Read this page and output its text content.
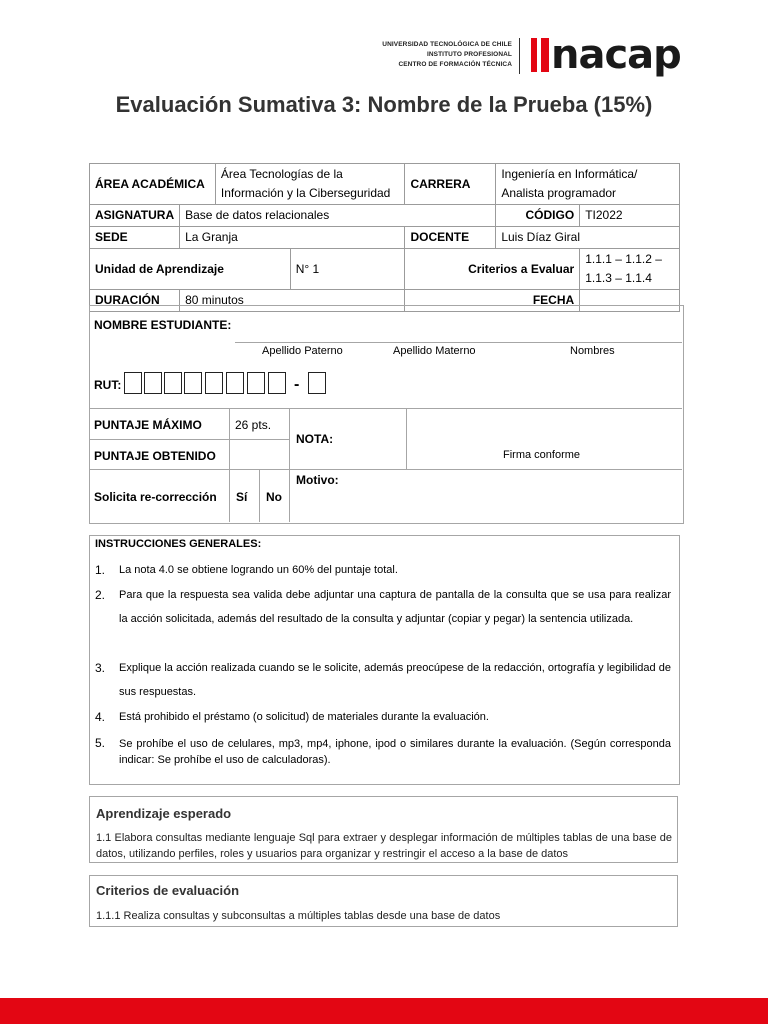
UNIVERSIDAD TECNOLÓGICA DE CHILE
INSTITUTO PROFESIONAL
CENTRO DE FORMACIÓN TÉCNICA nacap
Evaluación Sumativa 3: Nombre de la Prueba (15%)
ÁREA ACADÉMICA		Área Tecnologías de la Información y la Ciberseguridad		CARRERA	Ingeniería en Informática/ Analista programador	
ASIGNATURA	Base de datos relacionales				CÓDIGO	TI2022
SEDE	La Granja			DOCENTE	Luis Díaz Giral	
Unidad de Aprendizaje			N° 1	Criterios a Evaluar		1.1.1 – 1.1.2 – 1.1.3 – 1.1.4
DURACIÓN	80 minutos			FECHA		
NOMBRE ESTUDIANTE:
Apellido Paterno	Apellido Materno	Nombres
RUT:	-
PUNTAJE MÁXIMO	26 pts.
NOTA:
PUNTAJE OBTENIDO	Firma conforme
Solicita re-corrección Sí No
Motivo:
INSTRUCCIONES GENERALES:
1. La nota 4.0 se obtiene logrando un 60% del puntaje total.
2. Para que la respuesta sea valida debe adjuntar una captura de pantalla de la consulta que se usa para realizar la acción solicitada, además del resultado de la consulta y adjuntar (copiar y pegar) la sentencia utilizada.
3. Explique la acción realizada cuando se le solicite, además preocúpese de la redacción, ortografía y legibilidad de sus respuestas.
4. Está prohibido el préstamo (o solicitud) de materiales durante la evaluación.
5. Se prohíbe el uso de celulares, mp3, mp4, iphone, ipod o similares durante la evaluación. (Según corresponda indicar: Se prohíbe el uso de calculadoras).
Aprendizaje esperado
1.1 Elabora consultas mediante lenguaje Sql para extraer y desplegar información de múltiples tablas de una base de datos, utilizando perfiles, roles y usuarios para organizar y restringir el acceso a la base de datos
Criterios de evaluación
1.1.1 Realiza consultas y subconsultas a múltiples tablas desde una base de datos
